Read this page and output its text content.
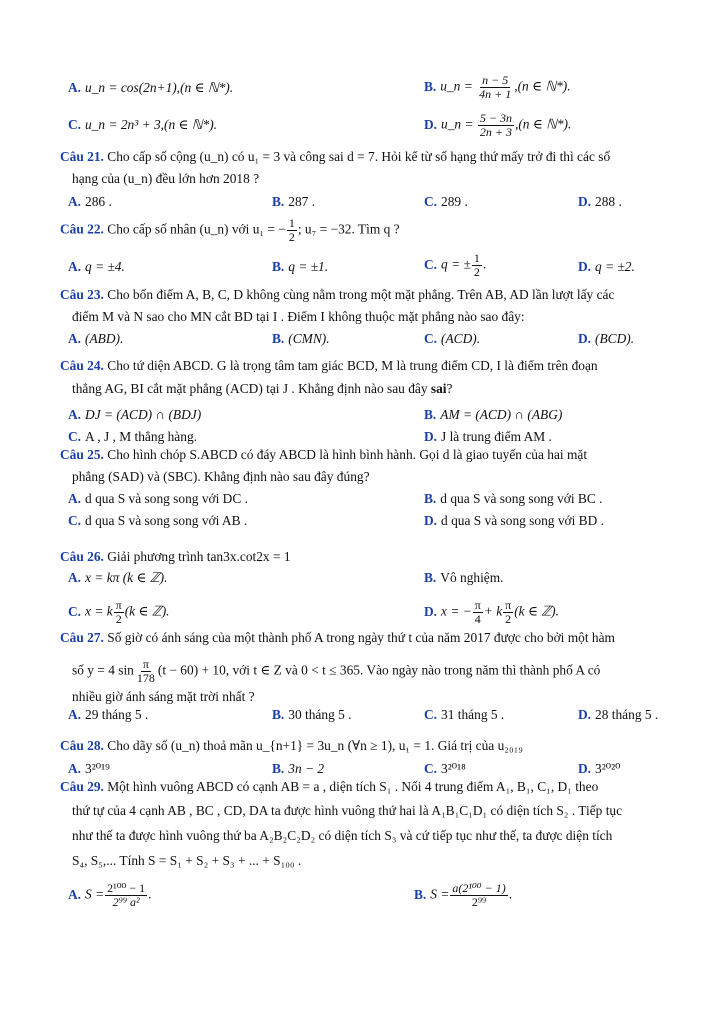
A. u_n = cos(2n+1),(n ∈ ℕ*).	B. u_n = $\frac{n - 5}{4n + 1} ,(n$ ∈ ℕ*).
C. u_n = 2n³ + 3,(n ∈ ℕ*).	D. u_n = $\frac{5 - 3n}{2n + 3} ,(n$ ∈ ℕ*).
Câu 21. Cho cấp số cộng (u_n) có u₁ = 3 và công sai d = 7. Hỏi kể từ số hạng thứ mấy trở đi thì các số
hạng của (u_n) đều lớn hơn 2018 ?
A. 286 .	B. 287 .	C. 289 .	D. 288 .
Câu 22. Cho cấp số nhân (u_n) với u₁ = − $\frac{1}{2}$ ; u₇ = −32. Tìm q ?
A. q = ±4.	B. q = ±1.	C. q = ± $\frac{1}{2}$ .	D. q = ±2.
Câu 23. Cho bốn điểm A, B, C, D không cùng nằm trong một mặt phẳng. Trên AB, AD lần lượt lấy các
điểm M và N sao cho MN cắt BD tại I . Điểm I không thuộc mặt phẳng nào sao đây:
A. (ABD).	B. (CMN).	C. (ACD).	D. (BCD).
Câu 24. Cho tứ diện ABCD. G là trọng tâm tam giác BCD, M là trung điểm CD, I là điểm trên đoạn
thẳng AG, BI cắt mặt phẳng (ACD) tại J . Khẳng định nào sau đây sai?
A. DJ = (ACD) ∩ (BDJ)	B. AM = (ACD) ∩ (ABG)
C. A , J , M thẳng hàng.	D. J là trung điểm AM .
Câu 25. Cho hình chóp S.ABCD có đáy ABCD là hình bình hành. Gọi d là giao tuyến của hai mặt
phẳng (SAD) và (SBC). Khẳng định nào sau đây đúng?
A. d qua S và song song với DC .	B. d qua S và song song với BC .
C. d qua S và song song với AB .	D. d qua S và song song với BD .
Câu 26. Giải phương trình tan3x.cot2x = 1
A. x = kπ (k ∈ ℤ).	B. Vô nghiệm.
C. x = k $\frac{\pi}{2} (k$ ∈ ℤ).	D. x = − $\frac{\pi}{4} + k \frac{\pi}{2} (k$ ∈ ℤ).
Câu 27. Số giờ có ánh sáng của một thành phố A trong ngày thứ t của năm 2017 được cho bởi một hàm
số y = 4 $\sin \frac{\pi}{178} (t - 60) + 10$, với t ∈ Z và 0 < t ≤ 365. Vào ngày nào trong năm thì thành phố A có
nhiều giờ ánh sáng mặt trời nhất ?
A. 29 tháng 5 .	B. 30 tháng 5 .	C. 31 tháng 5 .	D. 28 tháng 5 .
Câu 28. Cho dãy số (u_n) thoả mãn u_{n+1} = 3u_n (∀n ≥ 1), u₁ = 1. Giá trị của u₂₀₁₉
A. 3²⁰¹⁹	B. 3n − 2	C. 3²⁰¹⁸	D. 3²⁰²⁰
Câu 29. Một hình vuông ABCD có cạnh AB = a , diện tích S₁ . Nối 4 trung điểm A₁, B₁, C₁, D₁ theo
thứ tự của 4 cạnh AB , BC , CD, DA ta được hình vuông thứ hai là A₁B₁C₁D₁ có diện tích S₂ . Tiếp tục
như thế ta được hình vuông thứ ba A₂B₂C₂D₂ có diện tích S₃ và cứ tiếp tục như thế, ta được diện tích
S₄, S₅,... Tính S = S₁ + S₂ + S₃ + ... + S₁₀₀ .
A. $S = \frac{\text{2¹⁰⁰ − 1}}{\text{2⁹⁹ a²}}$ .	B. $S = \frac{\text{a(2¹⁰⁰ − 1)}}{\text{2⁹⁹}}$ .
